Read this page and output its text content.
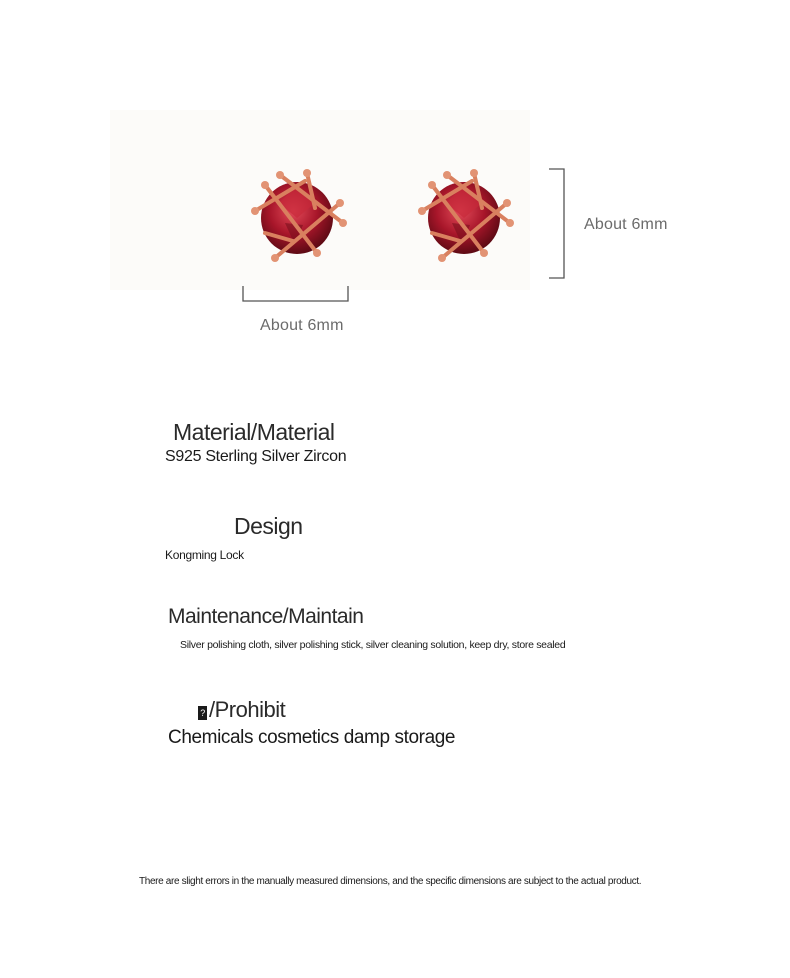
About 6mm
About 6mm
Material/Material
S925 Sterling Silver Zircon
Design
Kongming Lock
Maintenance/Maintain
Silver polishing cloth, silver polishing stick, silver cleaning solution, keep dry, store sealed
? /Prohibit
Chemicals cosmetics damp storage
There are slight errors in the manually measured dimensions, and the specific dimensions are subject to the actual product.
